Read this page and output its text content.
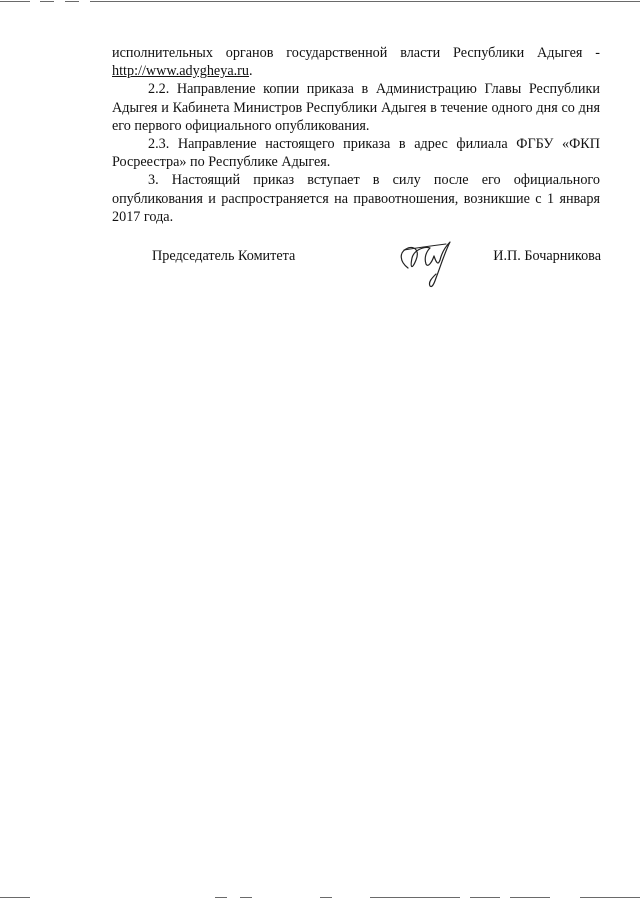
исполнительных органов государственной власти Республики Адыгея -

http://www.adygheya.ru.

2.2. Направление копии приказа в Администрацию Главы Республики Адыгея и Кабинета Министров Республики Адыгея в течение одного дня со дня его первого официального опубликования.

2.3. Направление настоящего приказа в адрес филиала ФГБУ «ФКП Росреестра» по Республике Адыгея.

3. Настоящий приказ вступает в силу после его официального опубликования и распространяется на правоотношения, возникшие с 1 января 2017 года.

Председатель Комитета	И.П. Бочарникова
